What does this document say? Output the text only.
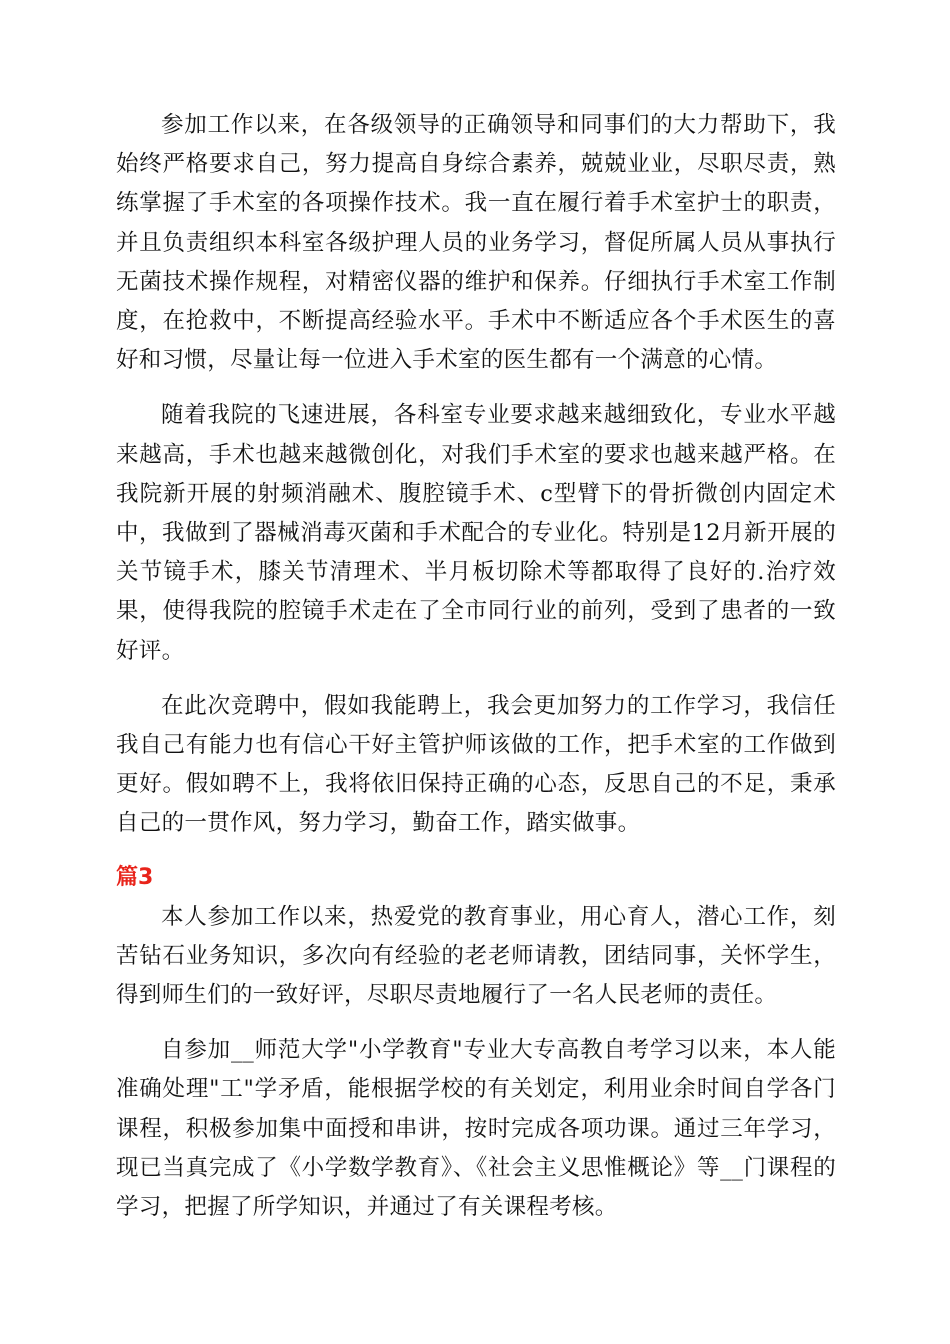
参加工作以来，在各级领导的正确领导和同事们的大力帮助下，我始终严格要求自己，努力提高自身综合素养，兢兢业业，尽职尽责，熟练掌握了手术室的各项操作技术。我一直在履行着手术室护士的职责，并且负责组织本科室各级护理人员的业务学习，督促所属人员从事执行无菌技术操作规程，对精密仪器的维护和保养。仔细执行手术室工作制度，在抢救中，不断提高经验水平。手术中不断适应各个手术医生的喜好和习惯，尽量让每一位进入手术室的医生都有一个满意的心情。

随着我院的飞速进展，各科室专业要求越来越细致化，专业水平越来越高，手术也越来越微创化，对我们手术室的要求也越来越严格。在我院新开展的射频消融术、腹腔镜手术、c型臂下的骨折微创内固定术中，我做到了器械消毒灭菌和手术配合的专业化。特别是12月新开展的关节镜手术，膝关节清理术、半月板切除术等都取得了良好的.治疗效果，使得我院的腔镜手术走在了全市同行业的前列，受到了患者的一致好评。

在此次竞聘中，假如我能聘上，我会更加努力的工作学习，我信任我自己有能力也有信心干好主管护师该做的工作，把手术室的工作做到更好。假如聘不上，我将依旧保持正确的心态，反思自己的不足，秉承自己的一贯作风，努力学习，勤奋工作，踏实做事。

篇3

本人参加工作以来，热爱党的教育事业，用心育人，潜心工作，刻苦钻石业务知识，多次向有经验的老老师请教，团结同事，关怀学生，得到师生们的一致好评，尽职尽责地履行了一名人民老师的责任。

自参加__师范大学"小学教育"专业大专高教自考学习以来，本人能准确处理"工"学矛盾，能根据学校的有关划定，利用业余时间自学各门课程，积极参加集中面授和串讲，按时完成各项功课。通过三年学习，现已当真完成了《小学数学教育》、《社会主义思惟概论》等__门课程的学习，把握了所学知识，并通过了有关课程考核。
